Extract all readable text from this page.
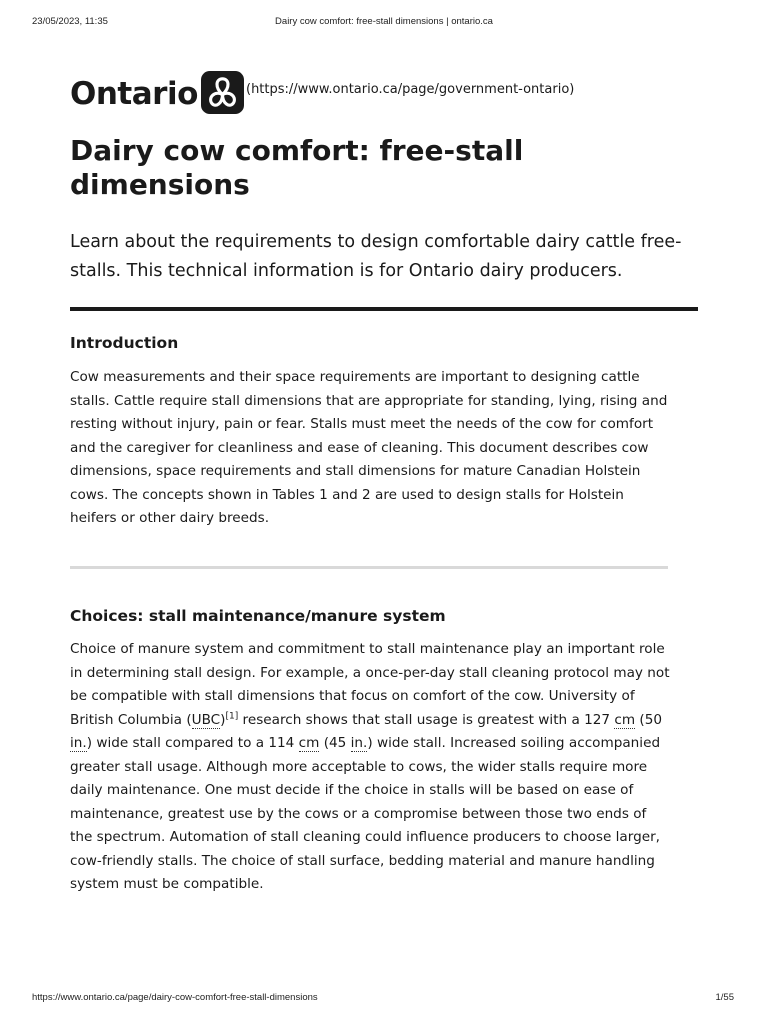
23/05/2023, 11:35	Dairy cow comfort: free-stall dimensions | ontario.ca
Ontario	(https://www.ontario.ca/page/government-ontario)
Dairy cow comfort: free-stall dimensions

Learn about the requirements to design comfortable dairy cattle free-stalls. This technical information is for Ontario dairy producers.

Introduction

Cow measurements and their space requirements are important to designing cattle stalls. Cattle require stall dimensions that are appropriate for standing, lying, rising and resting without injury, pain or fear. Stalls must meet the needs of the cow for comfort and the caregiver for cleanliness and ease of cleaning. This document describes cow dimensions, space requirements and stall dimensions for mature Canadian Holstein cows. The concepts shown in Tables 1 and 2 are used to design stalls for Holstein heifers or other dairy breeds.

Choices: stall maintenance/manure system

Choice of manure system and commitment to stall maintenance play an important role in determining stall design. For example, a once-per-day stall cleaning protocol may not be compatible with stall dimensions that focus on comfort of the cow. University of British Columbia (UBC)[1] research shows that stall usage is greatest with a 127 cm (50 in.) wide stall compared to a 114 cm (45 in.) wide stall. Increased soiling accompanied greater stall usage. Although more acceptable to cows, the wider stalls require more daily maintenance. One must decide if the choice in stalls will be based on ease of maintenance, greatest use by the cows or a compromise between those two ends of the spectrum. Automation of stall cleaning could influence producers to choose larger, cow-friendly stalls. The choice of stall surface, bedding material and manure handling system must be compatible.

https://www.ontario.ca/page/dairy-cow-comfort-free-stall-dimensions	1/55
